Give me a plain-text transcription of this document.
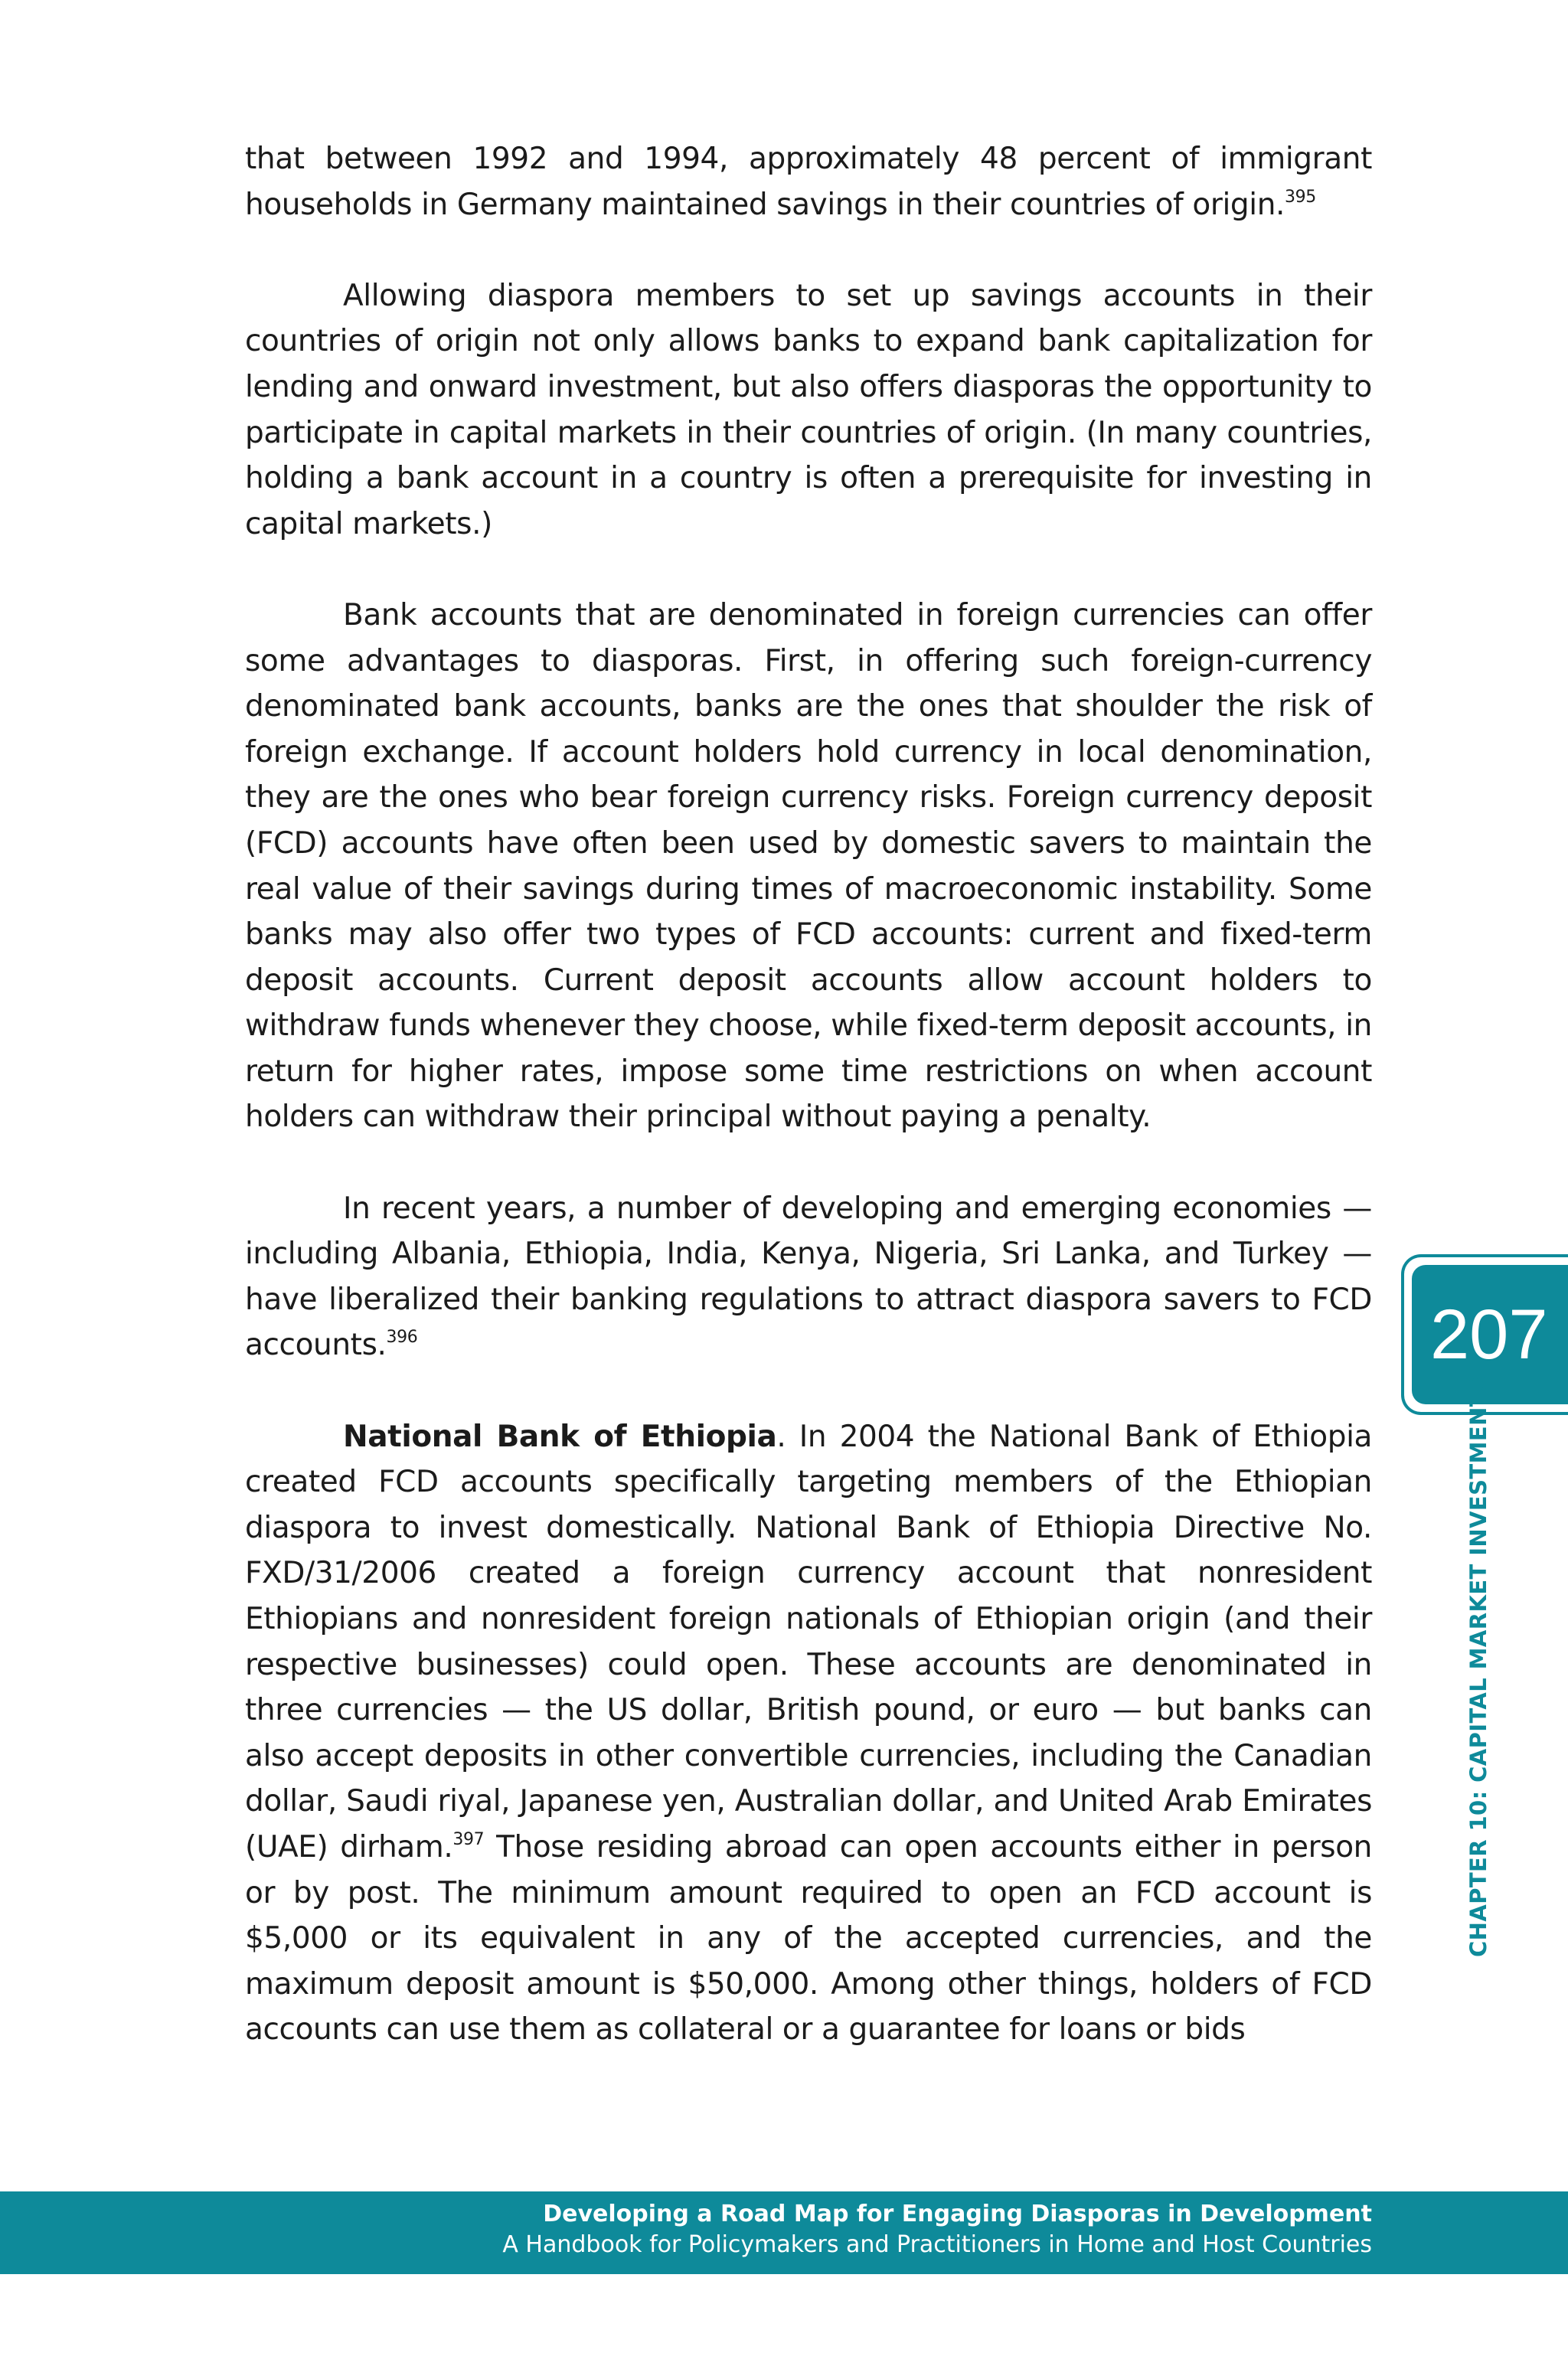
that between 1992 and 1994, approximately 48 percent of immigrant households in Germany maintained savings in their countries of origin.$^{395}$

Allowing diaspora members to set up savings accounts in their countries of origin not only allows banks to expand bank capitalization for lending and onward investment, but also offers diasporas the opportunity to participate in capital markets in their countries of origin. (In many countries, holding a bank account in a country is often a prerequisite for investing in capital markets.)

Bank accounts that are denominated in foreign currencies can offer some advantages to diasporas. First, in offering such foreign-currency denominated bank accounts, banks are the ones that shoulder the risk of foreign exchange. If account holders hold currency in local denomination, they are the ones who bear foreign currency risks. Foreign currency deposit (FCD) accounts have often been used by domestic savers to maintain the real value of their savings during times of macroeconomic instability. Some banks may also offer two types of FCD accounts: current and fixed-term deposit accounts. Current deposit accounts allow account holders to withdraw funds whenever they choose, while fixed-term deposit accounts, in return for higher rates, impose some time restrictions on when account holders can withdraw their principal without paying a penalty.

In recent years, a number of developing and emerging economies — including Albania, Ethiopia, India, Kenya, Nigeria, Sri Lanka, and Turkey — have liberalized their banking regulations to attract diaspora savers to FCD accounts.$^{396}$

National Bank of Ethiopia. In 2004 the National Bank of Ethiopia created FCD accounts specifically targeting members of the Ethiopian diaspora to invest domestically. National Bank of Ethiopia Directive No. FXD/31/2006 created a foreign currency account that nonresident Ethiopians and nonresident foreign nationals of Ethiopian origin (and their respective businesses) could open. These accounts are denominated in three currencies — the US dollar, British pound, or euro — but banks can also accept deposits in other convertible currencies, including the Canadian dollar, Saudi riyal, Japanese yen, Australian dollar, and United Arab Emirates (UAE) dirham.$^{397}$ Those residing abroad can open accounts either in person or by post. The minimum amount required to open an FCD account is $5,000 or its equivalent in any of the accepted currencies, and the maximum deposit amount is $50,000. Among other things, holders of FCD accounts can use them as collateral or a guarantee for loans or bids

207
CHAPTER 10: CAPITAL MARKET INVESTMENTS
Developing a Road Map for Engaging Diasporas in Development
A Handbook for Policymakers and Practitioners in Home and Host Countries
